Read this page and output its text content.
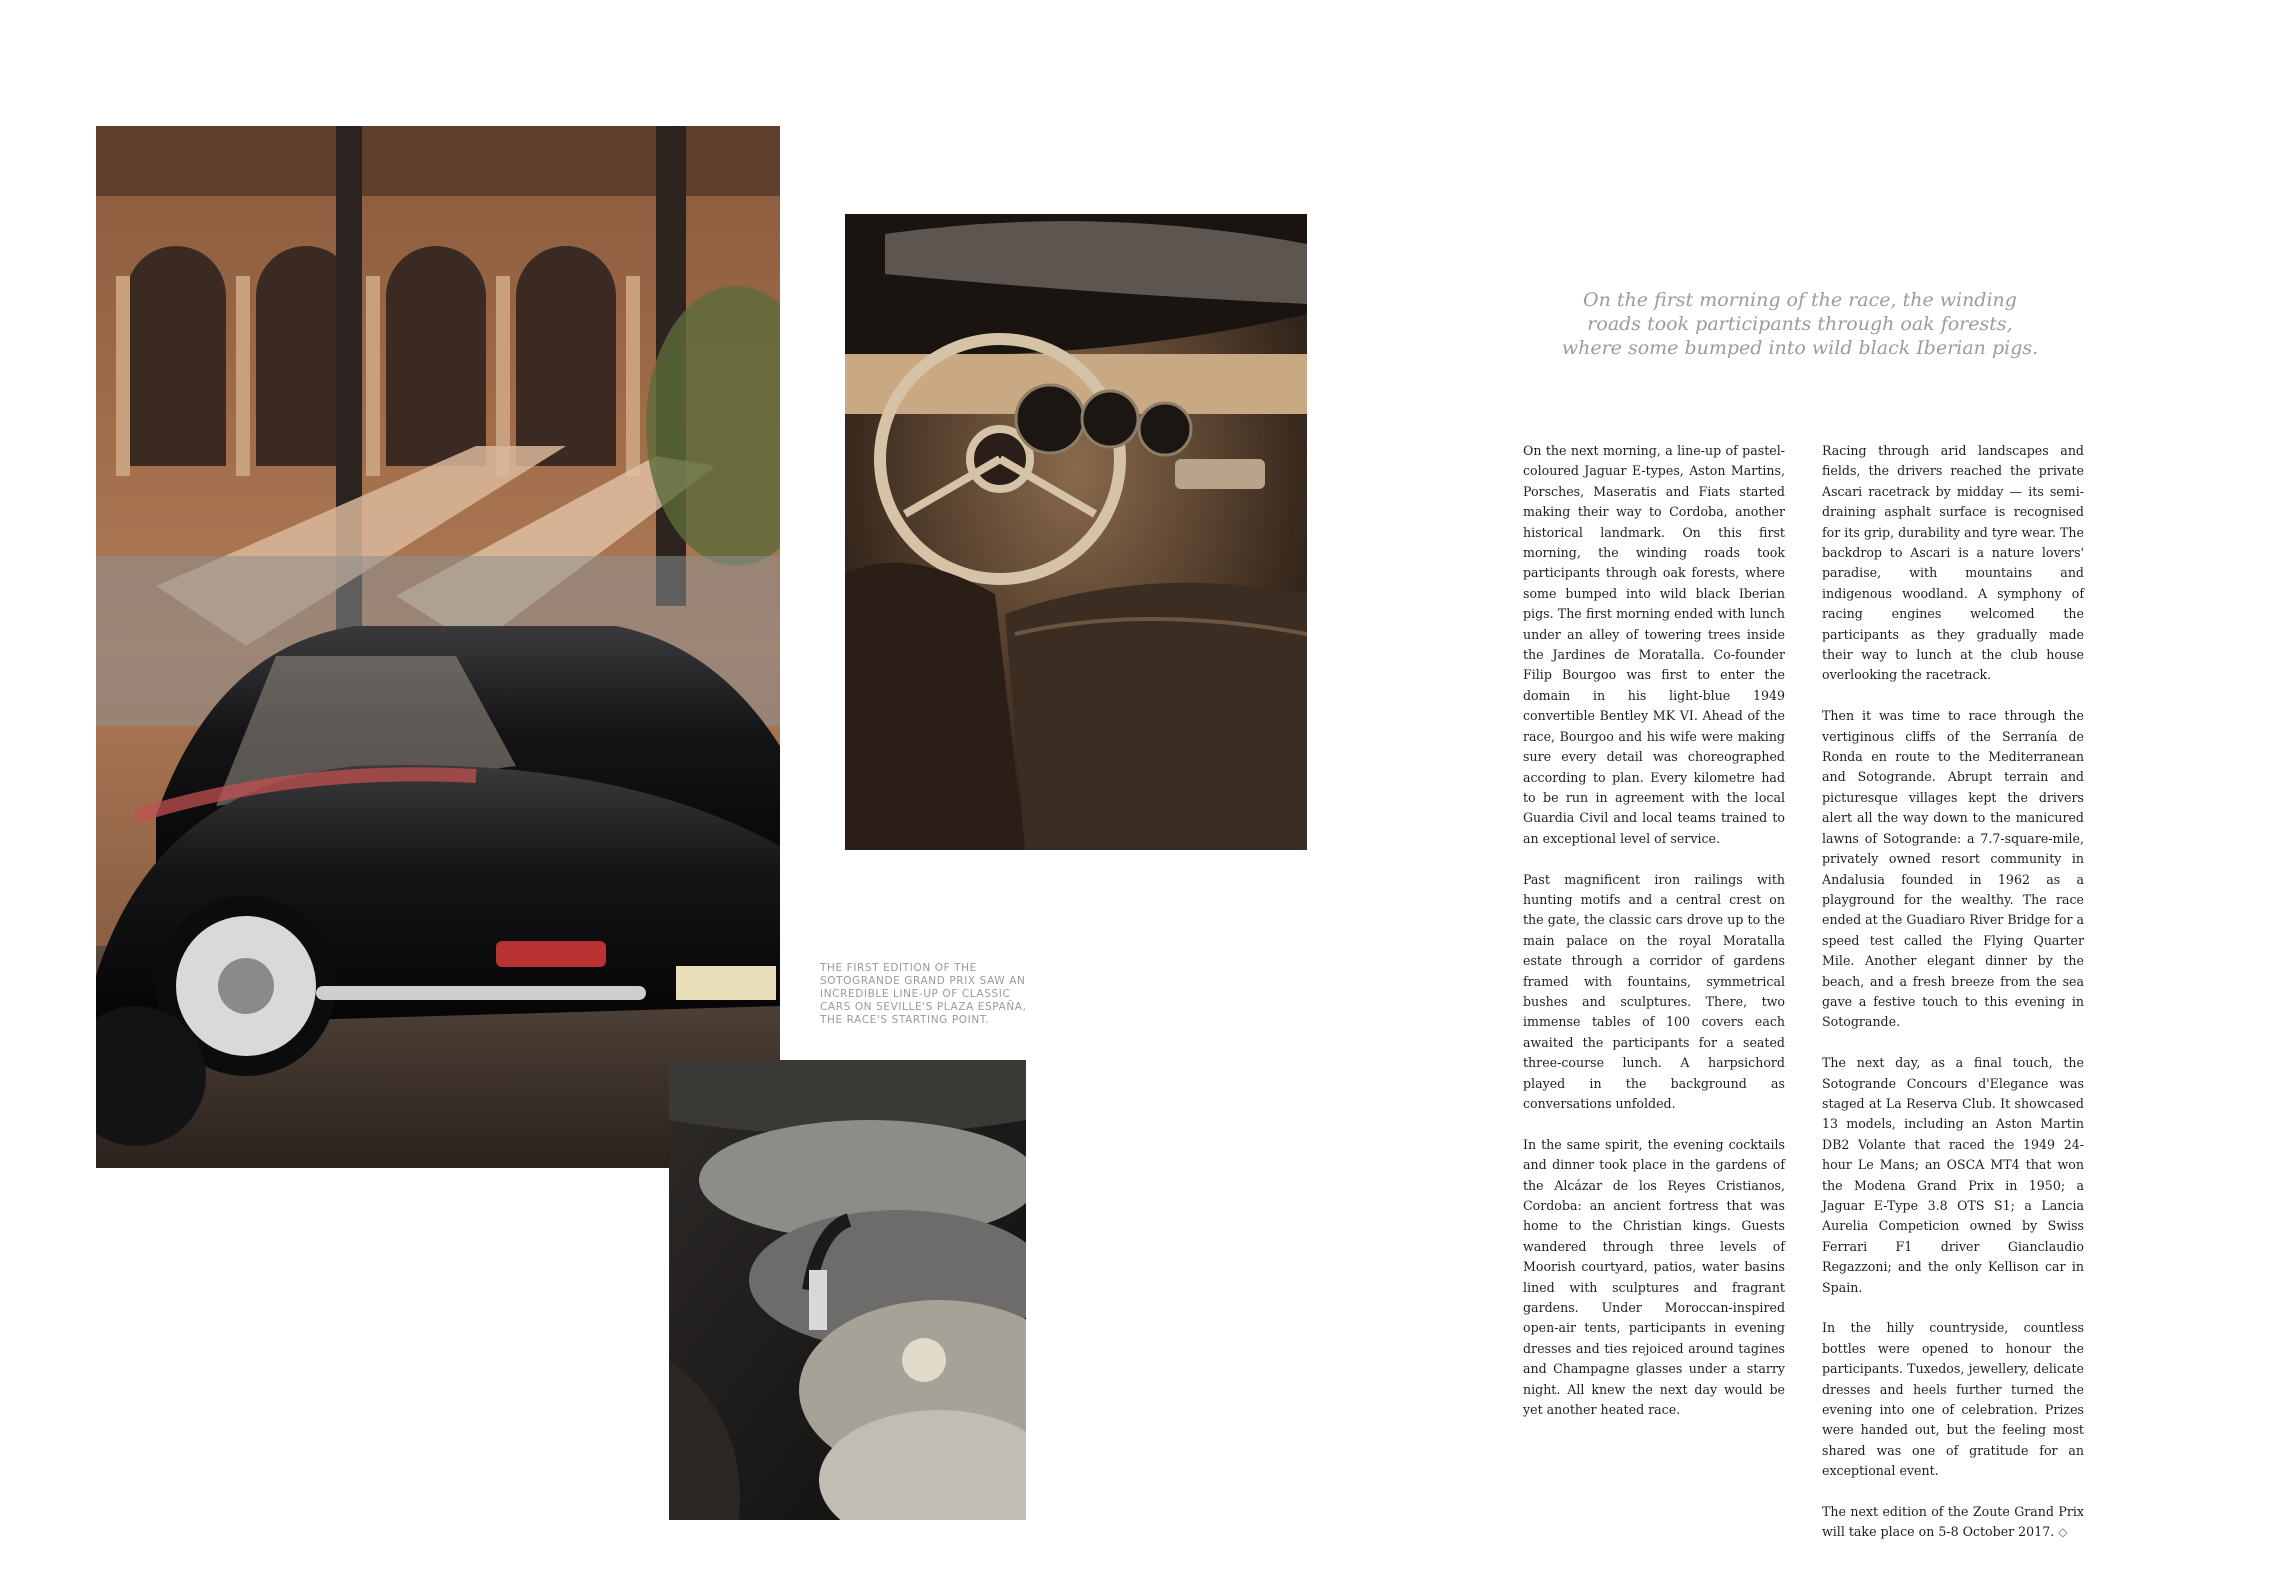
THE FIRST EDITION OF THE SOTOGRANDE GRAND PRIX SAW AN INCREDIBLE LINE-UP OF CLASSIC CARS ON SEVILLE'S PLAZA ESPAÑA, THE RACE'S STARTING POINT.
On the first morning of the race, the winding roads took participants through oak forests, where some bumped into wild black Iberian pigs.

On the next morning, a line-up of pastel-coloured Jaguar E-types, Aston Martins, Porsches, Maseratis and Fiats started making their way to Cordoba, another historical landmark. On this first morning, the winding roads took participants through oak forests, where some bumped into wild black Iberian pigs. The first morning ended with lunch under an alley of towering trees inside the Jardines de Moratalla. Co-founder Filip Bourgoo was first to enter the domain in his light-blue 1949 convertible Bentley MK VI. Ahead of the race, Bourgoo and his wife were making sure every detail was choreographed according to plan. Every kilometre had to be run in agreement with the local Guardia Civil and local teams trained to an exceptional level of service.

Past magnificent iron railings with hunting motifs and a central crest on the gate, the classic cars drove up to the main palace on the royal Moratalla estate through a corridor of gardens framed with fountains, symmetrical bushes and sculptures. There, two immense tables of 100 covers each awaited the participants for a seated three-course lunch. A harpsichord played in the background as conversations unfolded.

In the same spirit, the evening cocktails and dinner took place in the gardens of the Alcázar de los Reyes Cristianos, Cordoba: an ancient fortress that was home to the Christian kings. Guests wandered through three levels of Moorish courtyard, patios, water basins lined with sculptures and fragrant gardens. Under Moroccan-inspired open-air tents, participants in evening dresses and ties rejoiced around tagines and Champagne glasses under a starry night. All knew the next day would be yet another heated race.

Racing through arid landscapes and fields, the drivers reached the private Ascari racetrack by midday — its semi-draining asphalt surface is recognised for its grip, durability and tyre wear. The backdrop to Ascari is a nature lovers' paradise, with mountains and indigenous woodland. A symphony of racing engines welcomed the participants as they gradually made their way to lunch at the club house overlooking the racetrack.

Then it was time to race through the vertiginous cliffs of the Serranía de Ronda en route to the Mediterranean and Sotogrande. Abrupt terrain and picturesque villages kept the drivers alert all the way down to the manicured lawns of Sotogrande: a 7.7-square-mile, privately owned resort community in Andalusia founded in 1962 as a playground for the wealthy. The race ended at the Guadiaro River Bridge for a speed test called the Flying Quarter Mile. Another elegant dinner by the beach, and a fresh breeze from the sea gave a festive touch to this evening in Sotogrande.

The next day, as a final touch, the Sotogrande Concours d'Elegance was staged at La Reserva Club. It showcased 13 models, including an Aston Martin DB2 Volante that raced the 1949 24-hour Le Mans; an OSCA MT4 that won the Modena Grand Prix in 1950; a Jaguar E-Type 3.8 OTS S1; a Lancia Aurelia Competicion owned by Swiss Ferrari F1 driver Gianclaudio Regazzoni; and the only Kellison car in Spain.

In the hilly countryside, countless bottles were opened to honour the participants. Tuxedos, jewellery, delicate dresses and heels further turned the evening into one of celebration. Prizes were handed out, but the feeling most shared was one of gratitude for an exceptional event.

The next edition of the Zoute Grand Prix will take place on 5-8 October 2017. ◇
